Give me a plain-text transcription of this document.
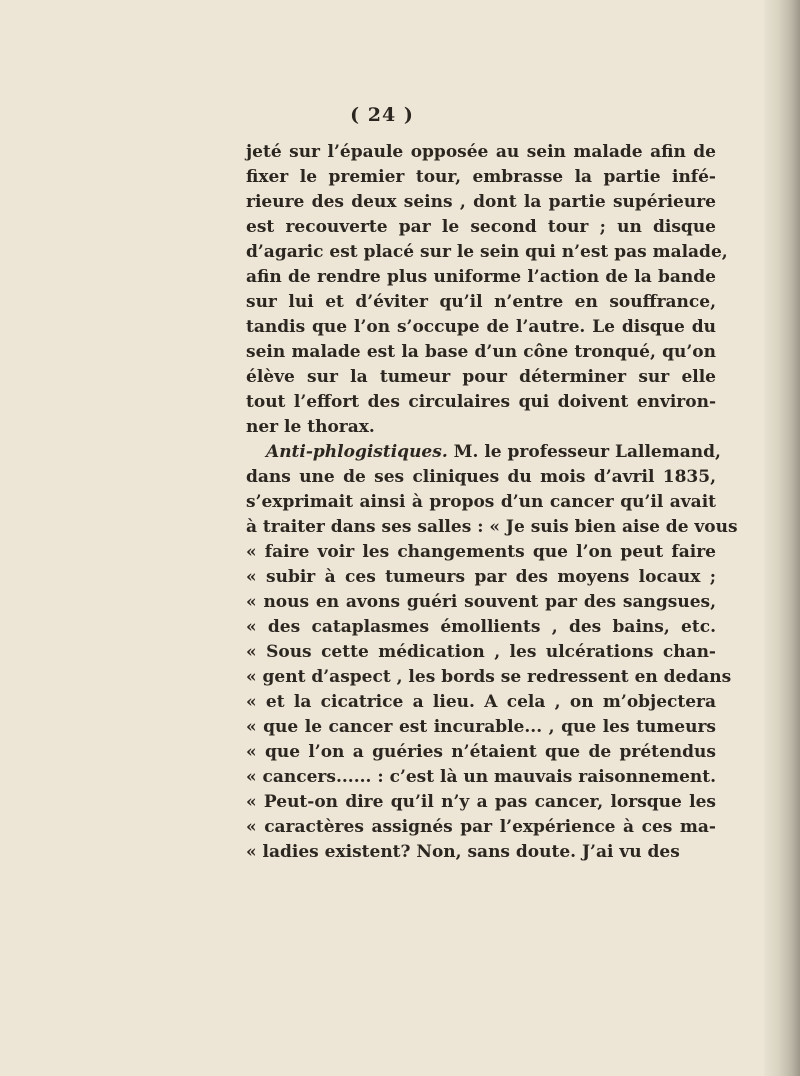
( 24 )
jeté sur l’épaule opposée au sein malade afin de
fixer le premier tour, embrasse la partie infé-
rieure des deux seins , dont la partie supérieure
est recouverte par le second tour ; un disque
d’agaric est placé sur le sein qui n’est pas malade,
afin de rendre plus uniforme l’action de la bande
sur lui et d’éviter qu’il n’entre en souffrance,
tandis que l’on s’occupe de l’autre. Le disque du
sein malade est la base d’un cône tronqué, qu’on
élève sur la tumeur pour déterminer sur elle
tout l’effort des circulaires qui doivent environ-
ner le thorax.
Anti-phlogistiques. M. le professeur Lallemand,
dans une de ses cliniques du mois d’avril 1835,
s’exprimait ainsi à propos d’un cancer qu’il avait
à traiter dans ses salles : « Je suis bien aise de vous
« faire voir les changements que l’on peut faire
« subir à ces tumeurs par des moyens locaux ;
« nous en avons guéri souvent par des sangsues,
« des cataplasmes émollients , des bains, etc.
« Sous cette médication , les ulcérations chan-
« gent d’aspect , les bords se redressent en dedans
« et la cicatrice a lieu. A cela , on m’objectera
« que le cancer est incurable... , que les tumeurs
« que l’on a guéries n’étaient que de prétendus
« cancers...... : c’est là un mauvais raisonnement.
« Peut-on dire qu’il n’y a pas cancer, lorsque les
« caractères assignés par l’expérience à ces ma-
« ladies existent? Non, sans doute. J’ai vu des
